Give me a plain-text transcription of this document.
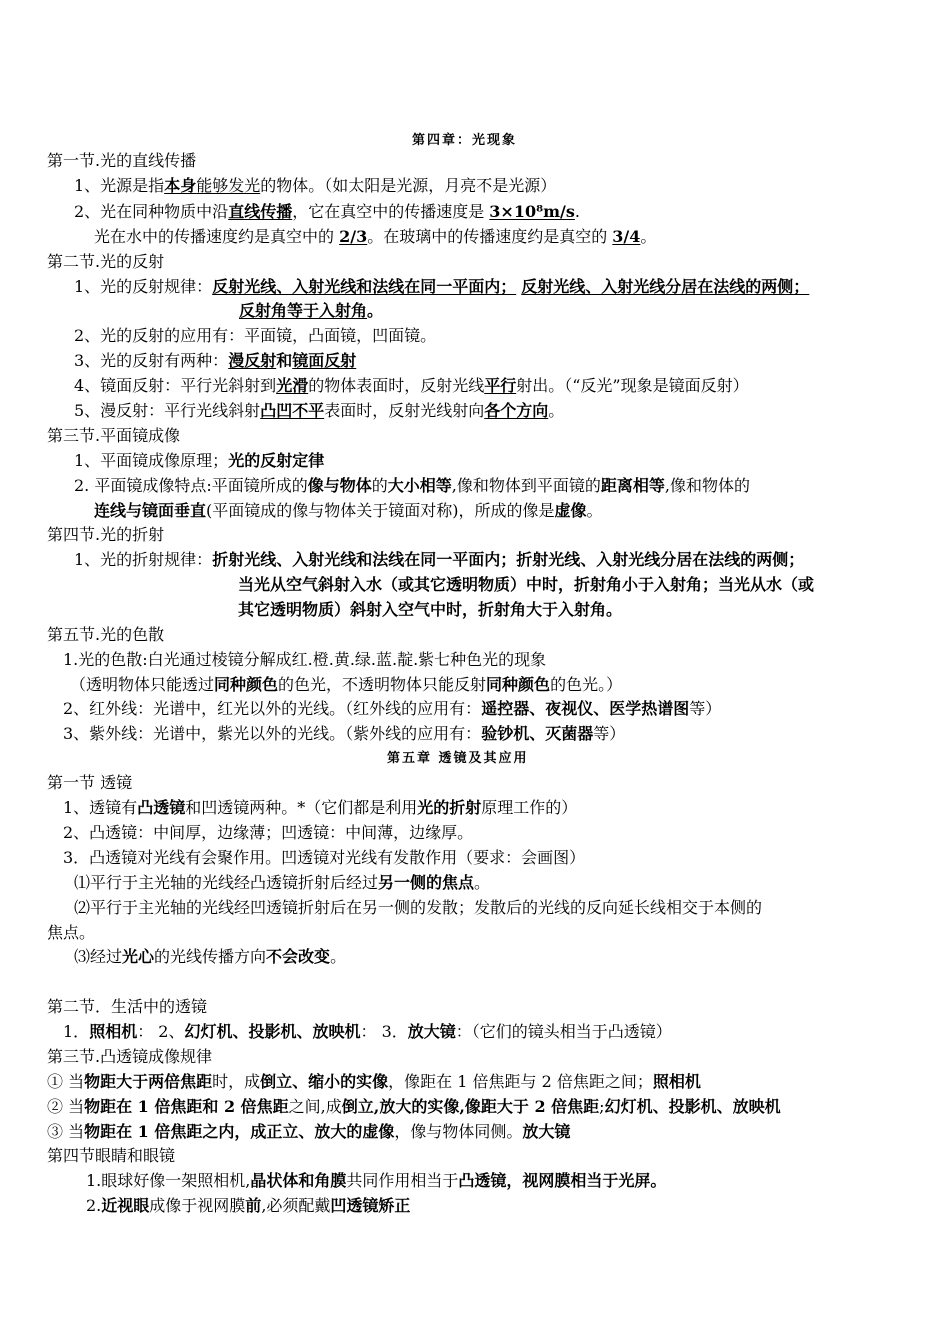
第四章：光现象
第一节.光的直线传播
1、光源是指本身能够发光的物体。（如太阳是光源，月亮不是光源）
2、光在同种物质中沿直线传播，它在真空中的传播速度是 3×10⁸m/s.
光在水中的传播速度约是真空中的 2/3。在玻璃中的传播速度约是真空的 3/4。
第二节.光的反射
1、光的反射规律：反射光线、入射光线和法线在同一平面内； 反射光线、入射光线分居在法线的两侧；
反射角等于入射角。
2、光的反射的应用有：平面镜，凸面镜，凹面镜。
3、光的反射有两种：漫反射和镜面反射
4、镜面反射：平行光斜射到光滑的物体表面时，反射光线平行射出。（“反光”现象是镜面反射）
5、漫反射：平行光线斜射凸凹不平表面时，反射光线射向各个方向。
第三节.平面镜成像
1、平面镜成像原理；光的反射定律
2. 平面镜成像特点:平面镜所成的像与物体的大小相等,像和物体到平面镜的距离相等,像和物体的
连线与镜面垂直(平面镜成的像与物体关于镜面对称)，所成的像是虚像。
第四节.光的折射
1、光的折射规律：折射光线、入射光线和法线在同一平面内；折射光线、入射光线分居在法线的两侧；
当光从空气斜射入水（或其它透明物质）中时，折射角小于入射角；当光从水（或
其它透明物质）斜射入空气中时，折射角大于入射角。
第五节.光的色散
1.光的色散:白光通过棱镜分解成红.橙.黄.绿.蓝.靛.紫七种色光的现象
（透明物体只能透过同种颜色的色光，不透明物体只能反射同种颜色的色光。）
2、红外线：光谱中，红光以外的光线。（红外线的应用有：遥控器、夜视仪、医学热谱图等）
3、紫外线：光谱中，紫光以外的光线。（紫外线的应用有：验钞机、灭菌器等）
第五章 透镜及其应用
第一节 透镜
1、透镜有凸透镜和凹透镜两种。*（它们都是利用光的折射原理工作的）
2、凸透镜：中间厚，边缘薄；凹透镜：中间薄，边缘厚。
3．凸透镜对光线有会聚作用。凹透镜对光线有发散作用（要求：会画图）
⑴平行于主光轴的光线经凸透镜折射后经过另一侧的焦点。
⑵平行于主光轴的光线经凹透镜折射后在另一侧的发散；发散后的光线的反向延长线相交于本侧的
焦点。
⑶经过光心的光线传播方向不会改变。
第二节．生活中的透镜
1．照相机： 2、幻灯机、投影机、放映机： 3．放大镜：（它们的镜头相当于凸透镜）
第三节.凸透镜成像规律
① 当物距大于两倍焦距时，成倒立、缩小的实像，像距在 1 倍焦距与 2 倍焦距之间；照相机
② 当物距在 1 倍焦距和 2 倍焦距之间,成倒立,放大的实像,像距大于 2 倍焦距;幻灯机、投影机、放映机
③ 当物距在 1 倍焦距之内，成正立、放大的虚像，像与物体同侧。放大镜
第四节眼睛和眼镜
1.眼球好像一架照相机,晶状体和角膜共同作用相当于凸透镜，视网膜相当于光屏。
2.近视眼成像于视网膜前,必须配戴凹透镜矫正
